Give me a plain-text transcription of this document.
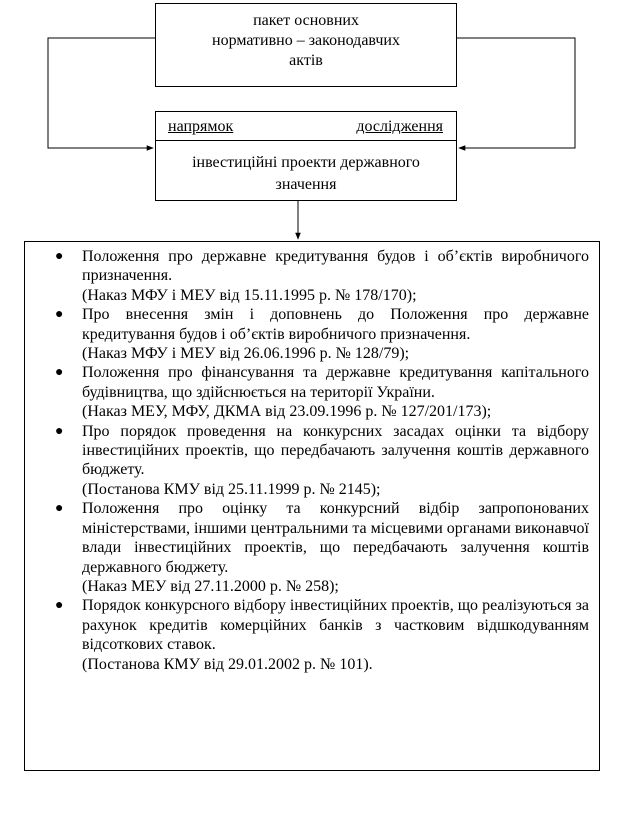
пакет основних
нормативно – законодавчих
актів
напрямок	дослідження
інвестиційні проекти державного
значення
● Положення про державне кредитування будов і об’єктів виробничого призначення.
(Наказ МФУ і МЕУ від 15.11.1995 р. № 178/170);
● Про внесення змін і доповнень до Положення про державне кредитування будов і об’єктів виробничого призначення.
(Наказ МФУ і МЕУ від 26.06.1996 р. № 128/79);
● Положення про фінансування та державне кредитування капітального будівництва, що здійснюється на території України.
(Наказ МЕУ, МФУ, ДКМА від 23.09.1996 р. № 127/201/173);
● Про порядок проведення на конкурсних засадах оцінки та відбору інвестиційних проектів, що передбачають залучення коштів державного бюджету.
(Постанова КМУ від 25.11.1999 р. № 2145);
● Положення про оцінку та конкурсний відбір запропонованих міністерствами, іншими центральними та місцевими органами виконавчої влади інвестиційних проектів, що передбачають залучення коштів державного бюджету.
(Наказ МЕУ від 27.11.2000 р. № 258);
● Порядок конкурсного відбору інвестиційних проектів, що реалізуються за рахунок кредитів комерційних банків з частковим відшкодуванням відсоткових ставок.
(Постанова КМУ від 29.01.2002 р. № 101).
